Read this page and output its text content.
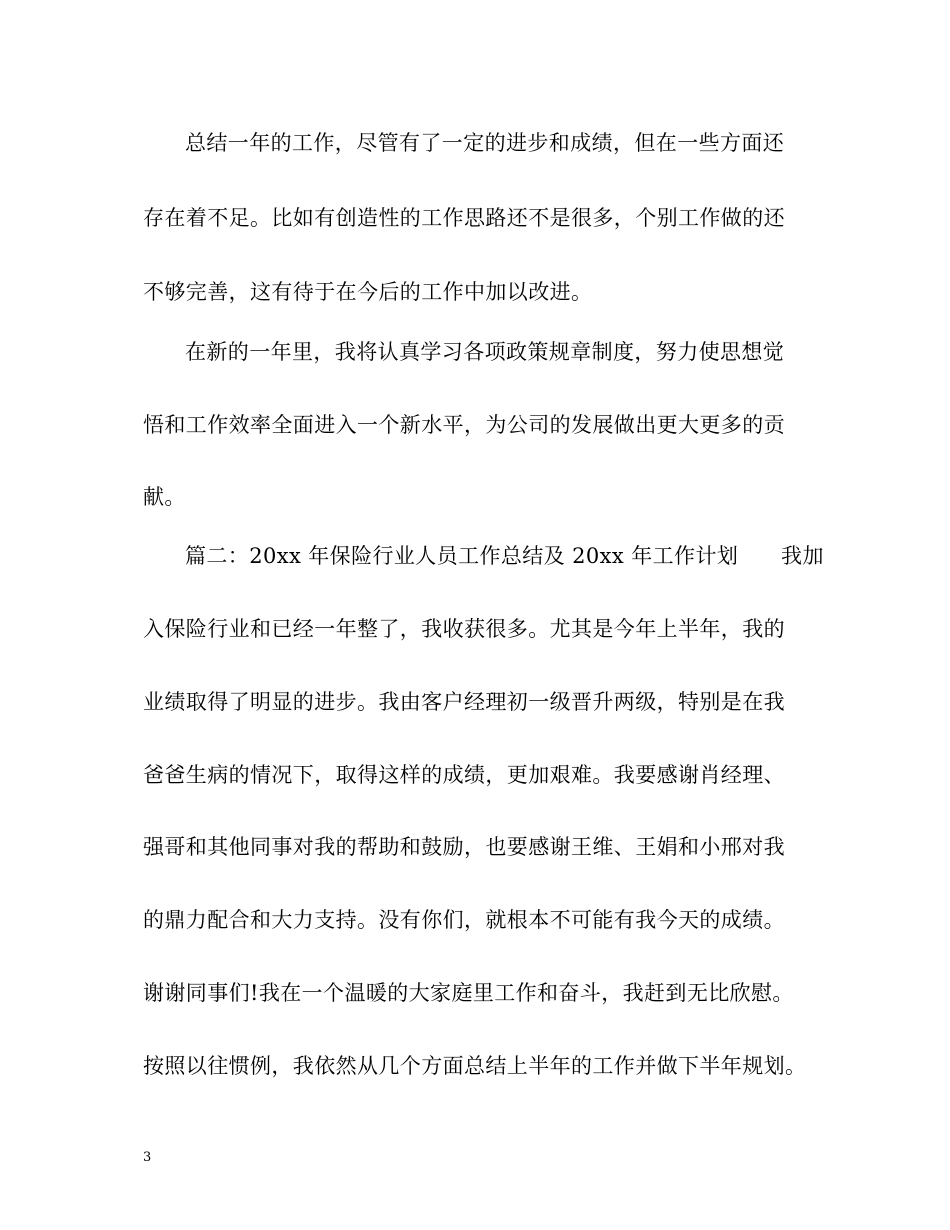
总结一年的工作，尽管有了一定的进步和成绩，但在一些方面还
存在着不足。比如有创造性的工作思路还不是很多，个别工作做的还
不够完善，这有待于在今后的工作中加以改进。
在新的一年里，我将认真学习各项政策规章制度，努力使思想觉
悟和工作效率全面进入一个新水平，为公司的发展做出更大更多的贡
献。
篇二：20xx 年保险行业人员工作总结及 20xx 年工作计划　　我加
入保险行业和已经一年整了，我收获很多。尤其是今年上半年，我的
业绩取得了明显的进步。我由客户经理初一级晋升两级，特别是在我
爸爸生病的情况下，取得这样的成绩，更加艰难。我要感谢肖经理、
强哥和其他同事对我的帮助和鼓励，也要感谢王维、王娟和小邢对我
的鼎力配合和大力支持。没有你们，就根本不可能有我今天的成绩。
谢谢同事们!我在一个温暖的大家庭里工作和奋斗，我赶到无比欣慰。
按照以往惯例，我依然从几个方面总结上半年的工作并做下半年规划。
3
